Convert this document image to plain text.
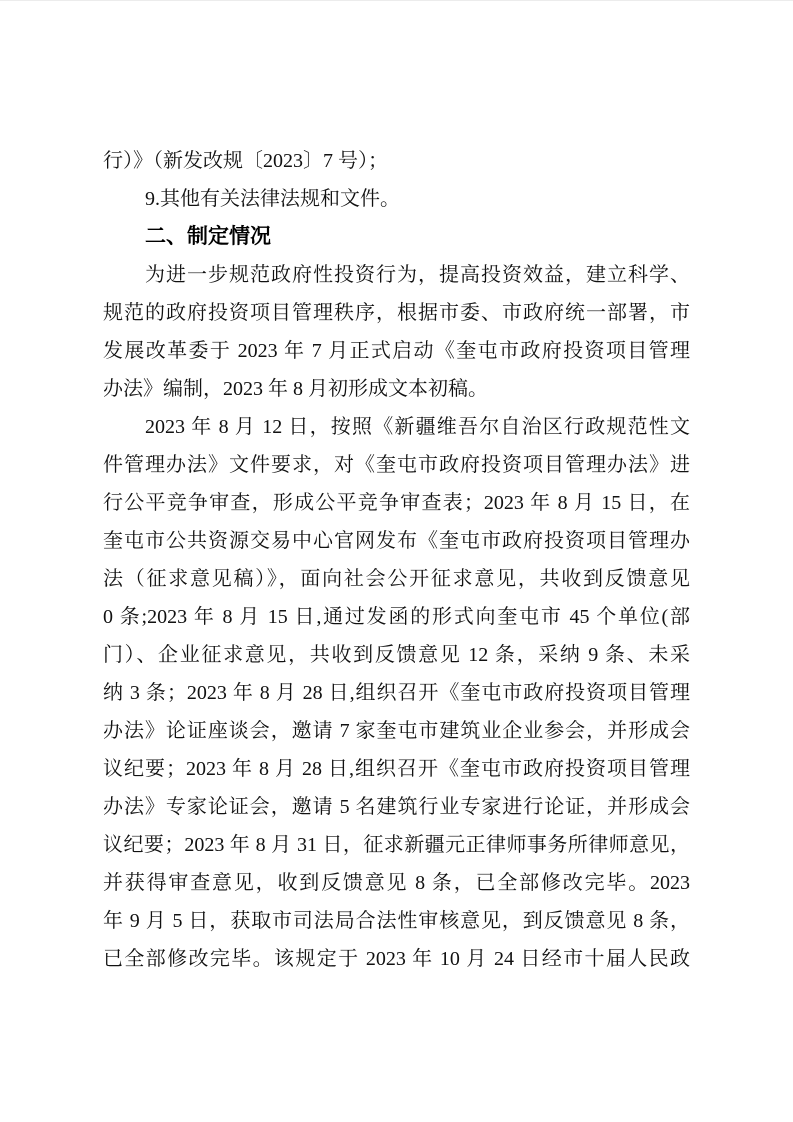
行）》（新发改规〔2023〕7 号）；
9.其他有关法律法规和文件。
二、制定情况
为进一步规范政府性投资行为，提高投资效益，建立科学、
规范的政府投资项目管理秩序，根据市委、市政府统一部署，市
发展改革委于 2023 年 7 月正式启动《奎屯市政府投资项目管理
办法》编制，2023 年 8 月初形成文本初稿。
2023 年 8 月 12 日，按照《新疆维吾尔自治区行政规范性文
件管理办法》文件要求，对《奎屯市政府投资项目管理办法》进
行公平竞争审查，形成公平竞争审查表；2023 年 8 月 15 日，在
奎屯市公共资源交易中心官网发布《奎屯市政府投资项目管理办
法（征求意见稿）》，面向社会公开征求意见，共收到反馈意见
0 条;2023 年 8 月 15 日,通过发函的形式向奎屯市 45 个单位(部
门）、企业征求意见，共收到反馈意见 12 条，采纳 9 条、未采
纳 3 条；2023 年 8 月 28 日,组织召开《奎屯市政府投资项目管理
办法》论证座谈会，邀请 7 家奎屯市建筑业企业参会，并形成会
议纪要；2023 年 8 月 28 日,组织召开《奎屯市政府投资项目管理
办法》专家论证会，邀请 5 名建筑行业专家进行论证，并形成会
议纪要；2023 年 8 月 31 日，征求新疆元正律师事务所律师意见，
并获得审查意见，收到反馈意见 8 条，已全部修改完毕。2023
年 9 月 5 日，获取市司法局合法性审核意见，到反馈意见 8 条，
已全部修改完毕。该规定于 2023 年 10 月 24 日经市十届人民政
